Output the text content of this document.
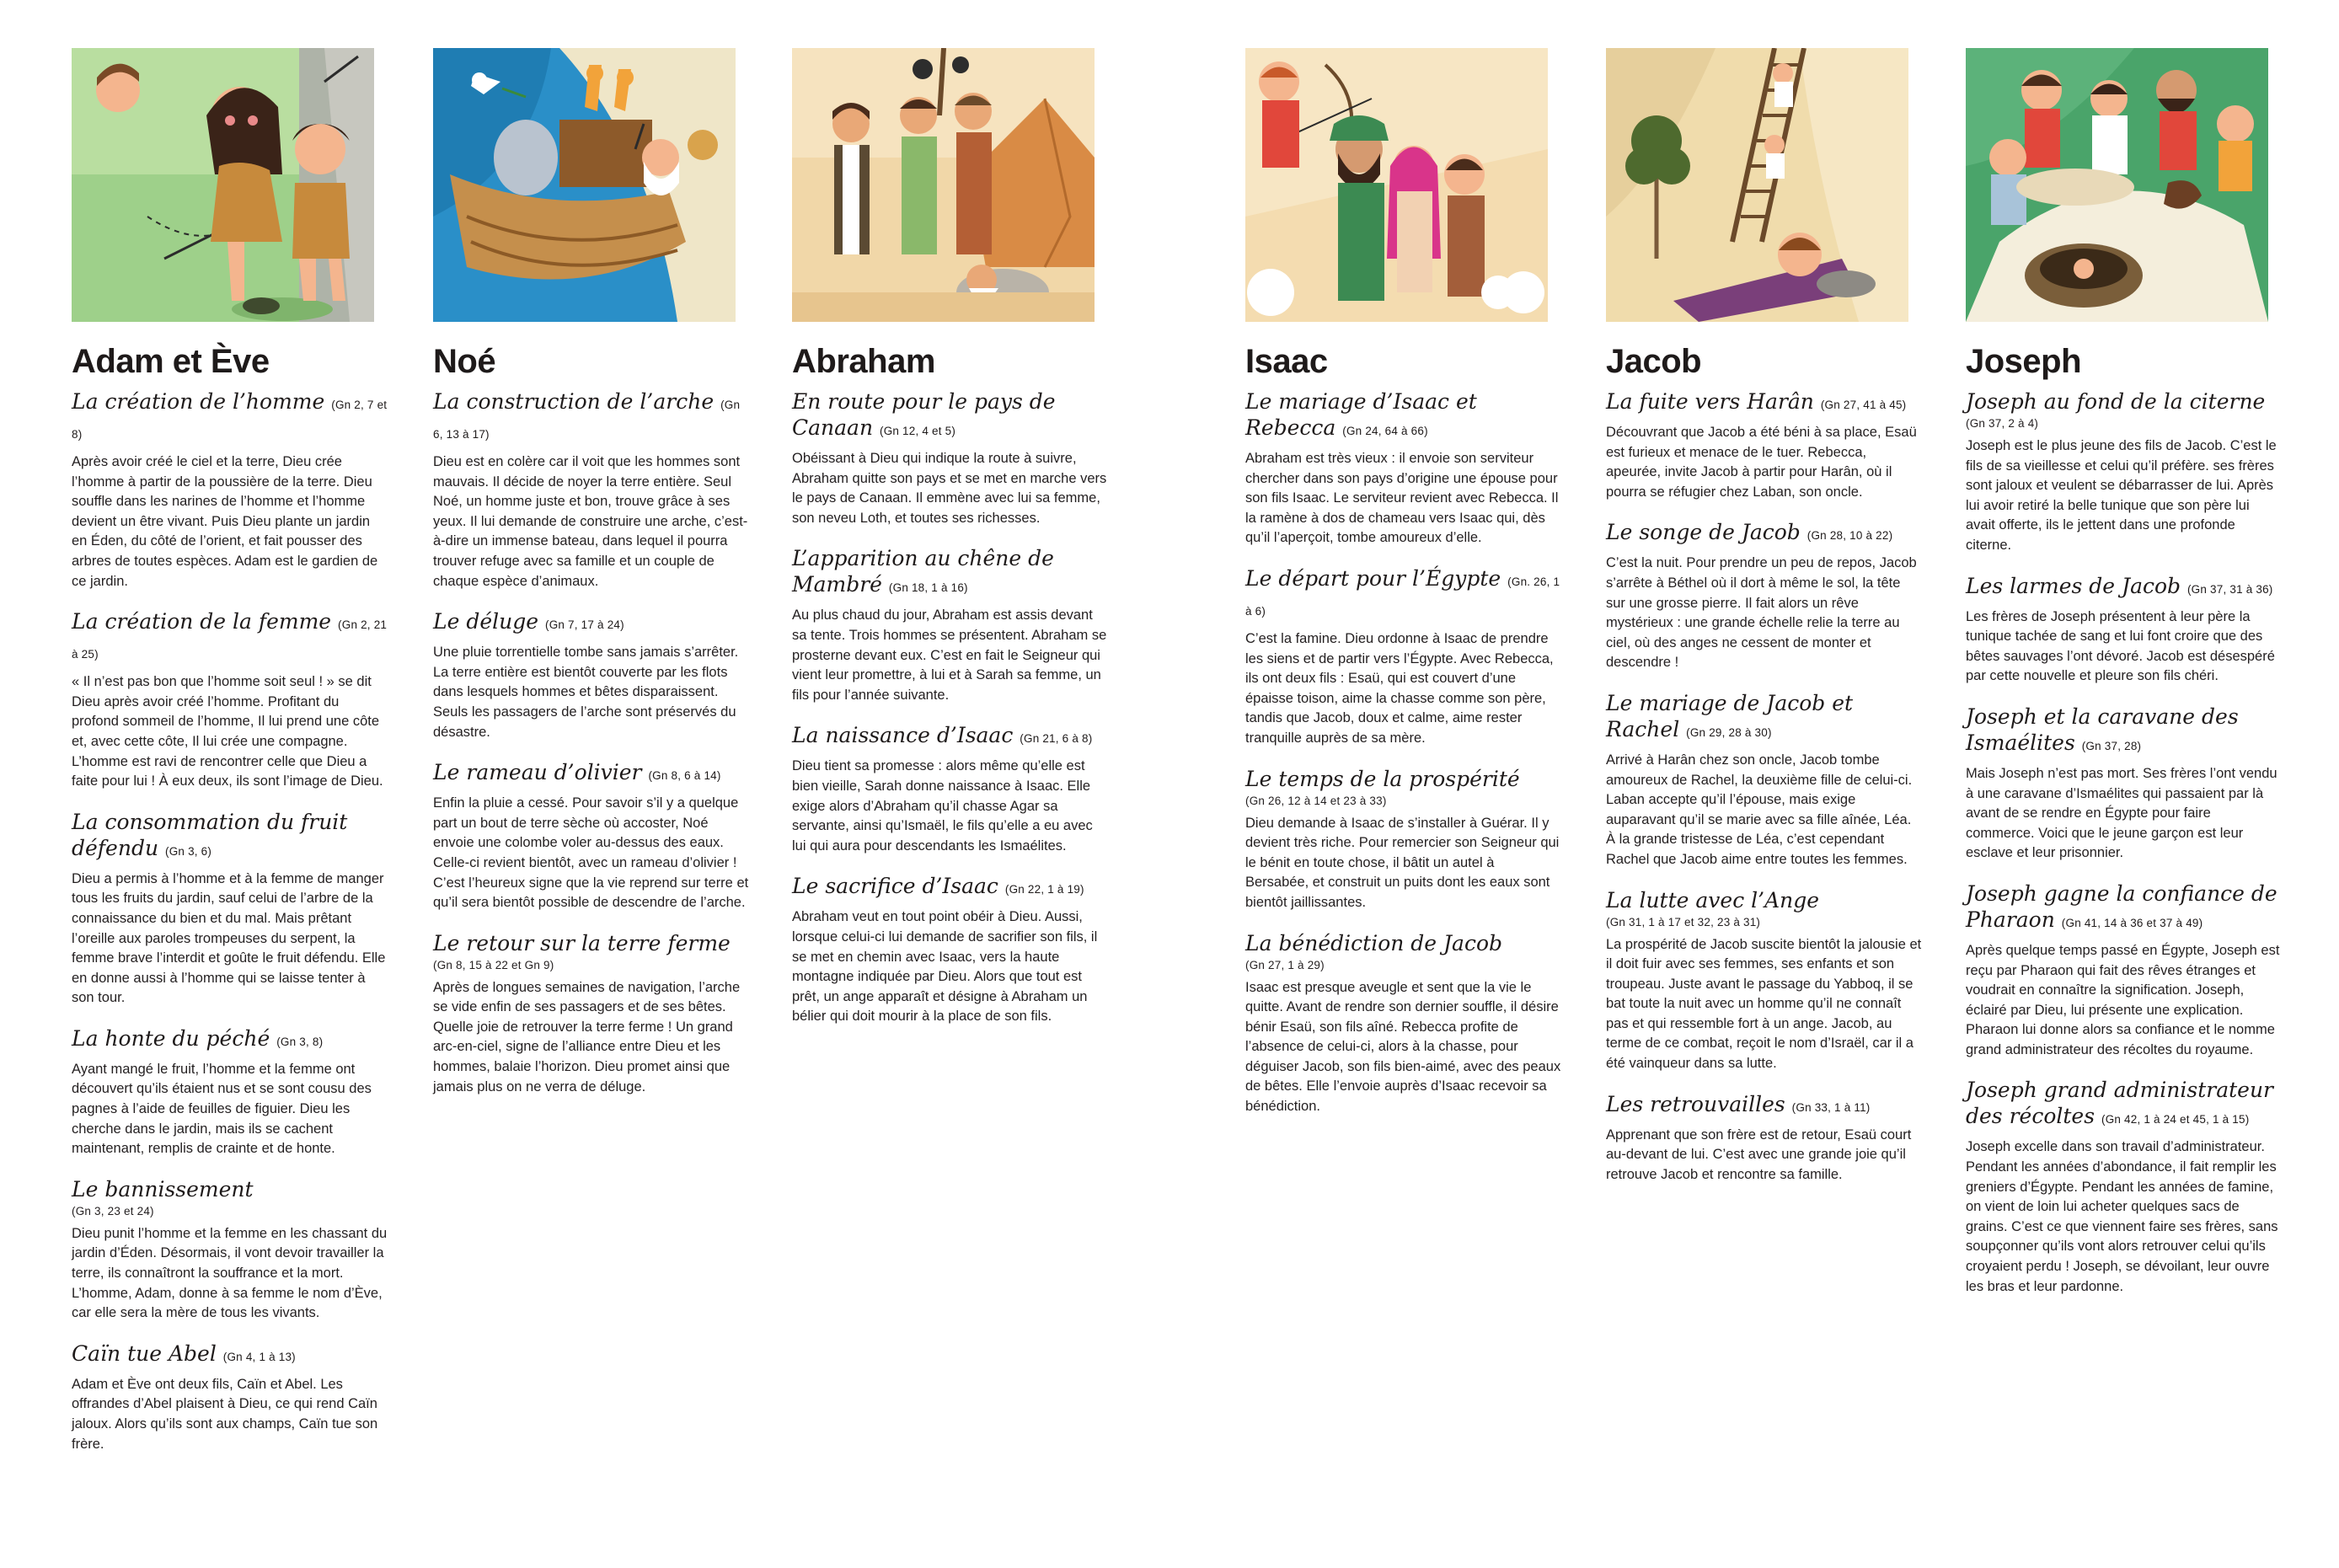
Adam et Ève
La création de l’homme (Gn 2, 7 et 8)

Après avoir créé le ciel et la terre, Dieu crée l’homme à partir de la poussière de la terre. Dieu souffle dans les narines de l’homme et l’homme devient un être vivant. Puis Dieu plante un jardin en Éden, du côté de l’orient, et fait pousser des arbres de toutes espèces. Adam est le gardien de ce jardin.

La création de la femme (Gn 2, 21 à 25)

« Il n’est pas bon que l’homme soit seul ! » se dit Dieu après avoir créé l’homme. Profitant du profond sommeil de l’homme, Il lui prend une côte et, avec cette côte, Il lui crée une compagne. L’homme est ravi de rencontrer celle que Dieu a faite pour lui ! À eux deux, ils sont l’image de Dieu.

La consommation du fruit défendu (Gn 3, 6)

Dieu a permis à l’homme et à la femme de manger tous les fruits du jardin, sauf celui de l’arbre de la connaissance du bien et du mal. Mais prêtant l’oreille aux paroles trompeuses du serpent, la femme brave l’interdit et goûte le fruit défendu. Elle en donne aussi à l’homme qui se laisse tenter à son tour.

La honte du péché (Gn 3, 8)

Ayant mangé le fruit, l’homme et la femme ont découvert qu’ils étaient nus et se sont cousu des pagnes à l’aide de feuilles de figuier. Dieu les cherche dans le jardin, mais ils se cachent maintenant, remplis de crainte et de honte.

Le bannissement
(Gn 3, 23 et 24)

Dieu punit l’homme et la femme en les chassant du jardin d’Éden. Désormais, il vont devoir travailler la terre, ils connaîtront la souffrance et la mort. L’homme, Adam, donne à sa femme le nom d’Ève, car elle sera la mère de tous les vivants.

Caïn tue Abel (Gn 4, 1 à 13)

Adam et Ève ont deux fils, Caïn et Abel. Les offrandes d’Abel plaisent à Dieu, ce qui rend Caïn jaloux. Alors qu’ils sont aux champs, Caïn tue son frère.

Noé
La construction de l’arche (Gn 6, 13 à 17)

Dieu est en colère car il voit que les hommes sont mauvais. Il décide de noyer la terre entière. Seul Noé, un homme juste et bon, trouve grâce à ses yeux. Il lui demande de construire une arche, c’est-à-dire un immense bateau, dans lequel il pourra trouver refuge avec sa famille et un couple de chaque espèce d’animaux.

Le déluge (Gn 7, 17 à 24)

Une pluie torrentielle tombe sans jamais s’arrêter. La terre entière est bientôt couverte par les flots dans lesquels hommes et bêtes disparaissent. Seuls les passagers de l’arche sont préservés du désastre.

Le rameau d’olivier (Gn 8, 6 à 14)

Enfin la pluie a cessé. Pour savoir s’il y a quelque part un bout de terre sèche où accoster, Noé envoie une colombe voler au-dessus des eaux. Celle-ci revient bientôt, avec un rameau d’olivier ! C’est l’heureux signe que la vie reprend sur terre et qu’il sera bientôt possible de descendre de l’arche.

Le retour sur la terre ferme
(Gn 8, 15 à 22 et Gn 9)

Après de longues semaines de navigation, l’arche se vide enfin de ses passagers et de ses bêtes. Quelle joie de retrouver la terre ferme ! Un grand arc-en-ciel, signe de l’alliance entre Dieu et les hommes, balaie l’horizon. Dieu promet ainsi que jamais plus on ne verra de déluge.

Abraham
En route pour le pays de Canaan (Gn 12, 4 et 5)

Obéissant à Dieu qui indique la route à suivre, Abraham quitte son pays et se met en marche vers le pays de Canaan. Il emmène avec lui sa femme, son neveu Loth, et toutes ses richesses.

L’apparition au chêne de Mambré (Gn 18, 1 à 16)

Au plus chaud du jour, Abraham est assis devant sa tente. Trois hommes se présentent. Abraham se prosterne devant eux. C’est en fait le Seigneur qui vient leur promettre, à lui et à Sarah sa femme, un fils pour l’année suivante.

La naissance d’Isaac (Gn 21, 6 à 8)

Dieu tient sa promesse : alors même qu’elle est bien vieille, Sarah donne naissance à Isaac. Elle exige alors d’Abraham qu’il chasse Agar sa servante, ainsi qu’Ismaël, le fils qu’elle a eu avec lui qui aura pour descendants les Ismaélites.

Le sacrifice d’Isaac (Gn 22, 1 à 19)

Abraham veut en tout point obéir à Dieu. Aussi, lorsque celui-ci lui demande de sacrifier son fils, il se met en chemin avec Isaac, vers la haute montagne indiquée par Dieu. Alors que tout est prêt, un ange apparaît et désigne à Abraham un bélier qui doit mourir à la place de son fils.

Isaac
Le mariage d’Isaac et Rebecca (Gn 24, 64 à 66)

Abraham est très vieux : il envoie son serviteur chercher dans son pays d’origine une épouse pour son fils Isaac. Le serviteur revient avec Rebecca. Il la ramène à dos de chameau vers Isaac qui, dès qu’il l’aperçoit, tombe amoureux d’elle.

Le départ pour l’Égypte (Gn. 26, 1 à 6)

C’est la famine. Dieu ordonne à Isaac de prendre les siens et de partir vers l’Égypte. Avec Rebecca, ils ont deux fils : Esaü, qui est couvert d’une épaisse toison, aime la chasse comme son père, tandis que Jacob, doux et calme, aime rester tranquille auprès de sa mère.

Le temps de la prospérité
(Gn 26, 12 à 14 et 23 à 33)

Dieu demande à Isaac de s’installer à Guérar. Il y devient très riche. Pour remercier son Seigneur qui le bénit en toute chose, il bâtit un autel à Bersabée, et construit un puits dont les eaux sont bientôt jaillissantes.

La bénédiction de Jacob
(Gn 27, 1 à 29)

Isaac est presque aveugle et sent que la vie le quitte. Avant de rendre son dernier souffle, il désire bénir Esaü, son fils aîné. Rebecca profite de l’absence de celui-ci, alors à la chasse, pour déguiser Jacob, son fils bien-aimé, avec des peaux de bêtes. Elle l’envoie auprès d’Isaac recevoir sa bénédiction.

Jacob
La fuite vers Harân (Gn 27, 41 à 45)

Découvrant que Jacob a été béni à sa place, Esaü est furieux et menace de le tuer. Rebecca, apeurée, invite Jacob à partir pour Harân, où il pourra se réfugier chez Laban, son oncle.

Le songe de Jacob (Gn 28, 10 à 22)

C’est la nuit. Pour prendre un peu de repos, Jacob s’arrête à Béthel où il dort à même le sol, la tête sur une grosse pierre. Il fait alors un rêve mystérieux : une grande échelle relie la terre au ciel, où des anges ne cessent de monter et descendre !

Le mariage de Jacob et Rachel (Gn 29, 28 à 30)

Arrivé à Harân chez son oncle, Jacob tombe amoureux de Rachel, la deuxième fille de celui-ci. Laban accepte qu’il l’épouse, mais exige auparavant qu’il se marie avec sa fille aînée, Léa. À la grande tristesse de Léa, c’est cependant Rachel que Jacob aime entre toutes les femmes.

La lutte avec l’Ange
(Gn 31, 1 à 17 et 32, 23 à 31)

La prospérité de Jacob suscite bientôt la jalousie et il doit fuir avec ses femmes, ses enfants et son troupeau. Juste avant le passage du Yabboq, il se bat toute la nuit avec un homme qu’il ne connaît pas et qui ressemble fort à un ange. Jacob, au terme de ce combat, reçoit le nom d’Israël, car il a été vainqueur dans sa lutte.

Les retrouvailles (Gn 33, 1 à 11)

Apprenant que son frère est de retour, Esaü court au-devant de lui. C’est avec une grande joie qu’il retrouve Jacob et rencontre sa famille.

Joseph
Joseph au fond de la citerne
(Gn 37, 2 à 4)

Joseph est le plus jeune des fils de Jacob. C’est le fils de sa vieillesse et celui qu’il préfère. ses frères sont jaloux et veulent se débarrasser de lui. Après lui avoir retiré la belle tunique que son père lui avait offerte, ils le jettent dans une profonde citerne.

Les larmes de Jacob (Gn 37, 31 à 36)

Les frères de Joseph présentent à leur père la tunique tachée de sang et lui font croire que des bêtes sauvages l’ont dévoré. Jacob est désespéré par cette nouvelle et pleure son fils chéri.

Joseph et la caravane des Ismaélites (Gn 37, 28)

Mais Joseph n’est pas mort. Ses frères l’ont vendu à une caravane d’Ismaélites qui passaient par là avant de se rendre en Égypte pour faire commerce. Voici que le jeune garçon est leur esclave et leur prisonnier.

Joseph gagne la confiance de Pharaon (Gn 41, 14 à 36 et 37 à 49)

Après quelque temps passé en Égypte, Joseph est reçu par Pharaon qui fait des rêves étranges et voudrait en connaître la signification. Joseph, éclairé par Dieu, lui présente une explication. Pharaon lui donne alors sa confiance et le nomme grand administrateur des récoltes du royaume.

Joseph grand administrateur des récoltes (Gn 42, 1 à 24 et 45, 1 à 15)

Joseph excelle dans son travail d’administrateur. Pendant les années d’abondance, il fait remplir les greniers d’Égypte. Pendant les années de famine, on vient de loin lui acheter quelques sacs de grains. C’est ce que viennent faire ses frères, sans soupçonner qu’ils vont alors retrouver celui qu’ils croyaient perdu ! Joseph, se dévoilant, leur ouvre les bras et leur pardonne.
